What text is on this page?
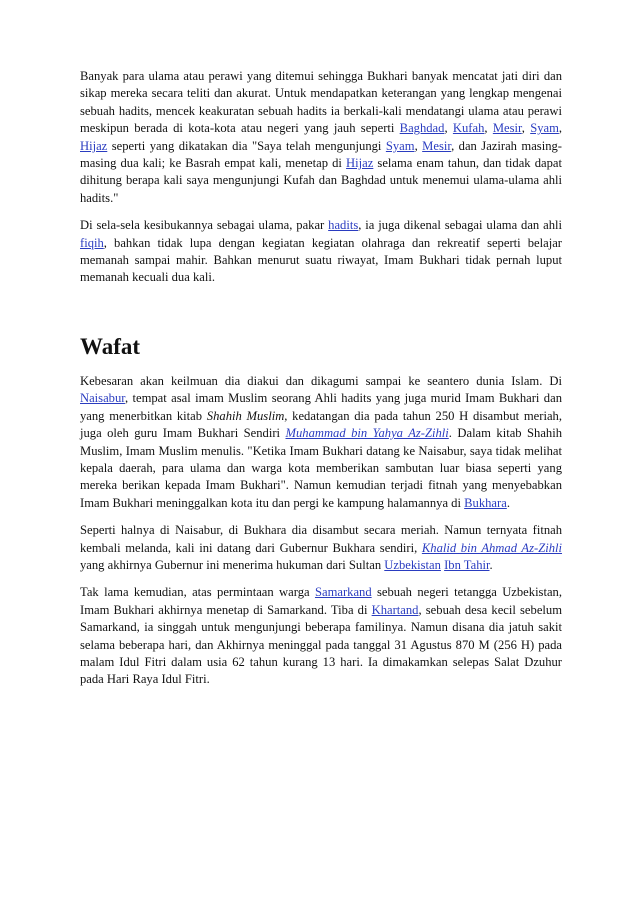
Banyak para ulama atau perawi yang ditemui sehingga Bukhari banyak mencatat jati diri dan sikap mereka secara teliti dan akurat. Untuk mendapatkan keterangan yang lengkap mengenai sebuah hadits, mencek keakuratan sebuah hadits ia berkali-kali mendatangi ulama atau perawi meskipun berada di kota-kota atau negeri yang jauh seperti Baghdad, Kufah, Mesir, Syam, Hijaz seperti yang dikatakan dia "Saya telah mengunjungi Syam, Mesir, dan Jazirah masing-masing dua kali; ke Basrah empat kali, menetap di Hijaz selama enam tahun, dan tidak dapat dihitung berapa kali saya mengunjungi Kufah dan Baghdad untuk menemui ulama-ulama ahli hadits."

Di sela-sela kesibukannya sebagai ulama, pakar hadits, ia juga dikenal sebagai ulama dan ahli fiqih, bahkan tidak lupa dengan kegiatan kegiatan olahraga dan rekreatif seperti belajar memanah sampai mahir. Bahkan menurut suatu riwayat, Imam Bukhari tidak pernah luput memanah kecuali dua kali.

Wafat

Kebesaran akan keilmuan dia diakui dan dikagumi sampai ke seantero dunia Islam. Di Naisabur, tempat asal imam Muslim seorang Ahli hadits yang juga murid Imam Bukhari dan yang menerbitkan kitab Shahih Muslim, kedatangan dia pada tahun 250 H disambut meriah, juga oleh guru Imam Bukhari Sendiri Muhammad bin Yahya Az-Zihli. Dalam kitab Shahih Muslim, Imam Muslim menulis. "Ketika Imam Bukhari datang ke Naisabur, saya tidak melihat kepala daerah, para ulama dan warga kota memberikan sambutan luar biasa seperti yang mereka berikan kepada Imam Bukhari". Namun kemudian terjadi fitnah yang menyebabkan Imam Bukhari meninggalkan kota itu dan pergi ke kampung halamannya di Bukhara.

Seperti halnya di Naisabur, di Bukhara dia disambut secara meriah. Namun ternyata fitnah kembali melanda, kali ini datang dari Gubernur Bukhara sendiri, Khalid bin Ahmad Az-Zihli yang akhirnya Gubernur ini menerima hukuman dari Sultan Uzbekistan Ibn Tahir.

Tak lama kemudian, atas permintaan warga Samarkand sebuah negeri tetangga Uzbekistan, Imam Bukhari akhirnya menetap di Samarkand. Tiba di Khartand, sebuah desa kecil sebelum Samarkand, ia singgah untuk mengunjungi beberapa familinya. Namun disana dia jatuh sakit selama beberapa hari, dan Akhirnya meninggal pada tanggal 31 Agustus 870 M (256 H) pada malam Idul Fitri dalam usia 62 tahun kurang 13 hari. Ia dimakamkan selepas Salat Dzuhur pada Hari Raya Idul Fitri.
